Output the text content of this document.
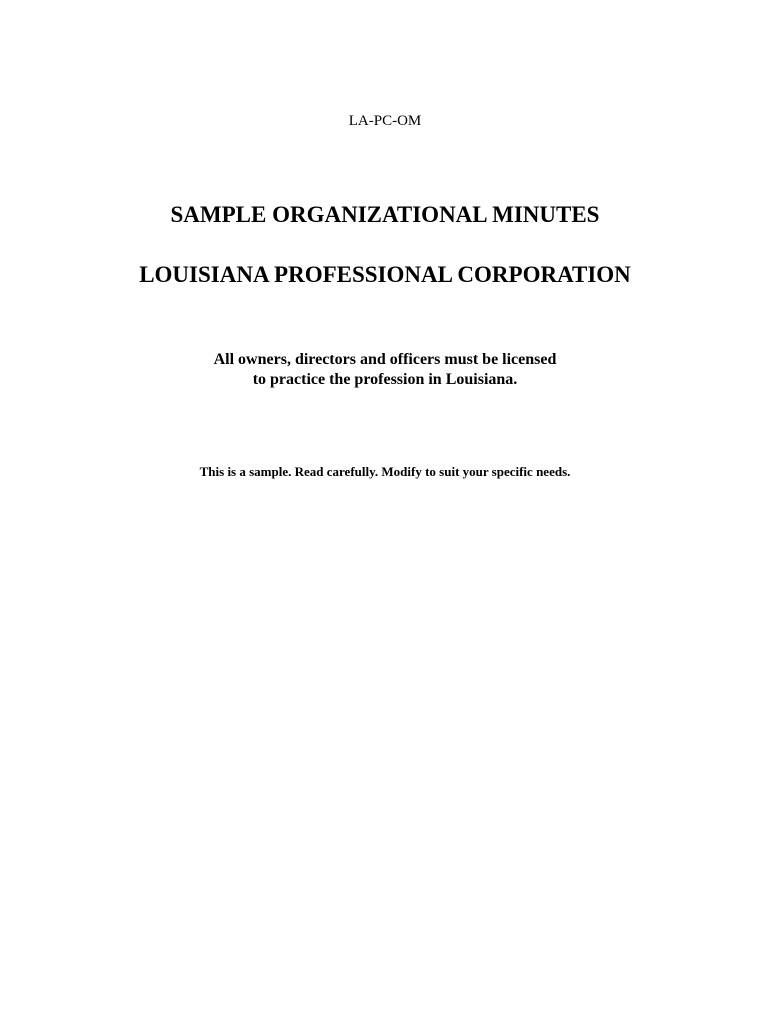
LA-PC-OM
SAMPLE ORGANIZATIONAL MINUTES
LOUISIANA PROFESSIONAL CORPORATION
All owners, directors and officers must be licensed
to practice the profession in Louisiana.
This is a sample. Read carefully. Modify to suit your specific needs.
